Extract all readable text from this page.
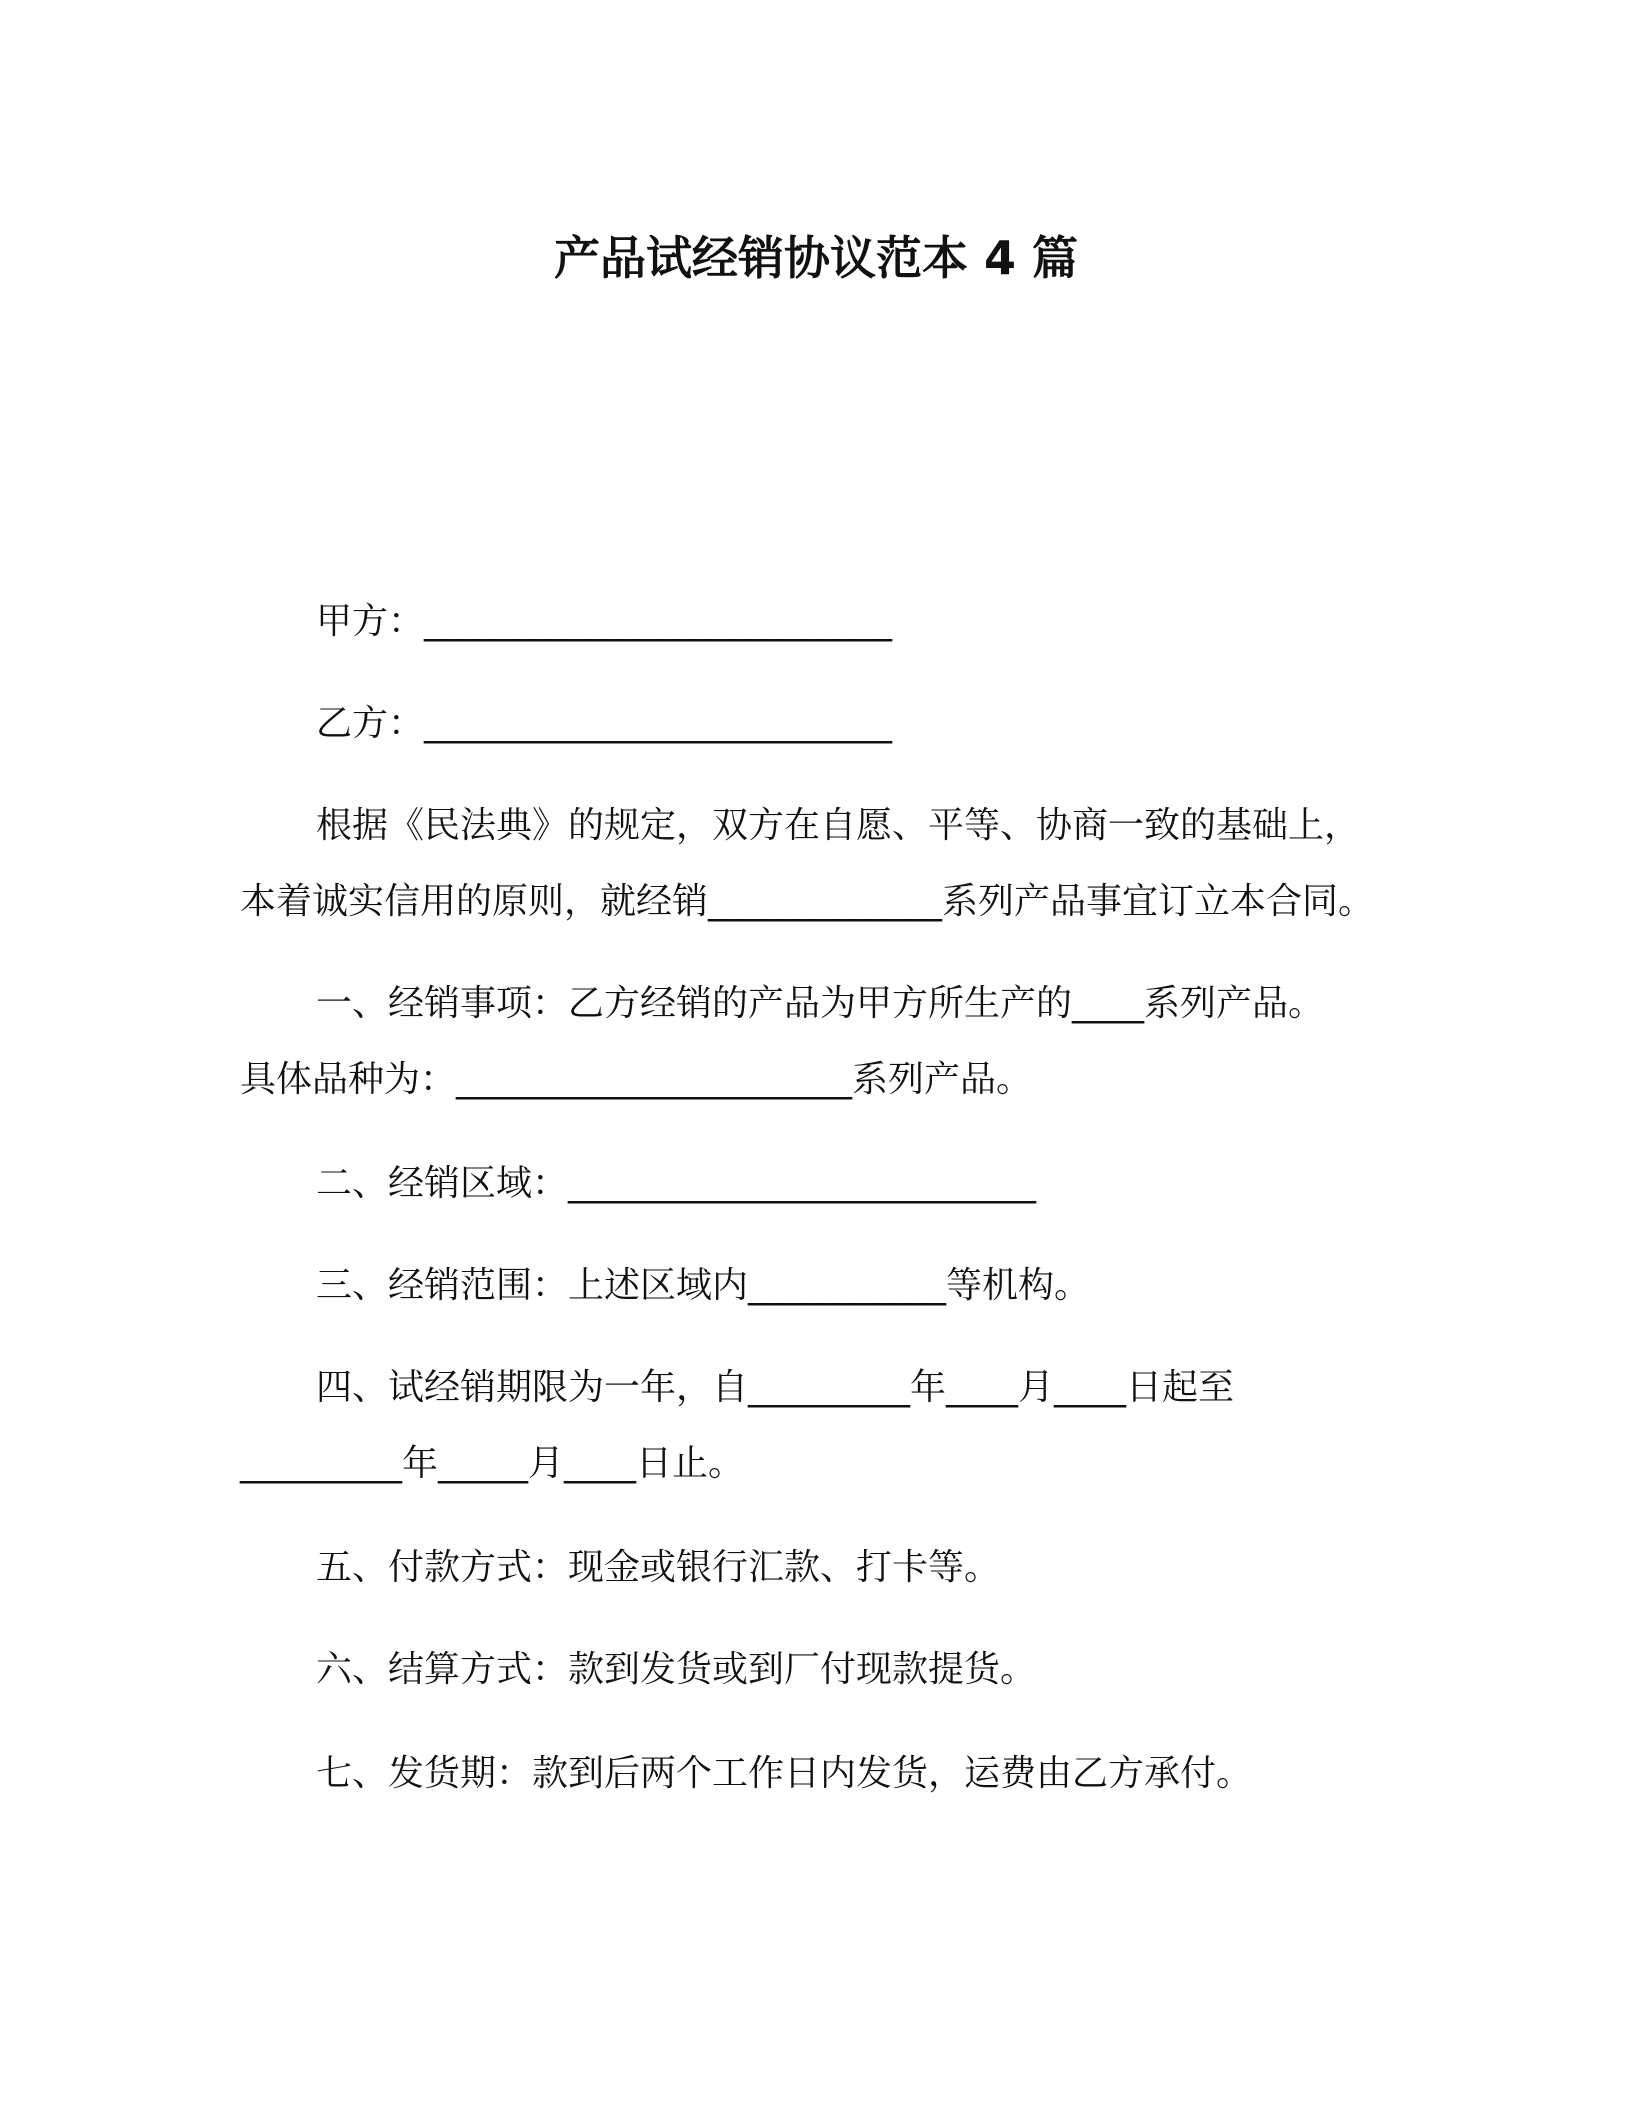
产品试经销协议范本 4 篇
甲方：__________________________
乙方：__________________________
根据《民法典》的规定，双方在自愿、平等、协商一致的基础上，
本着诚实信用的原则，就经销_____________系列产品事宜订立本合同。
一、经销事项：乙方经销的产品为甲方所生产的____系列产品。
具体品种为：______________________系列产品。
二、经销区域：__________________________
三、经销范围：上述区域内___________等机构。
四、试经销期限为一年，自_________年____月____日起至
_________年_____月____日止。
五、付款方式：现金或银行汇款、打卡等。
六、结算方式：款到发货或到厂付现款提货。
七、发货期：款到后两个工作日内发货，运费由乙方承付。
